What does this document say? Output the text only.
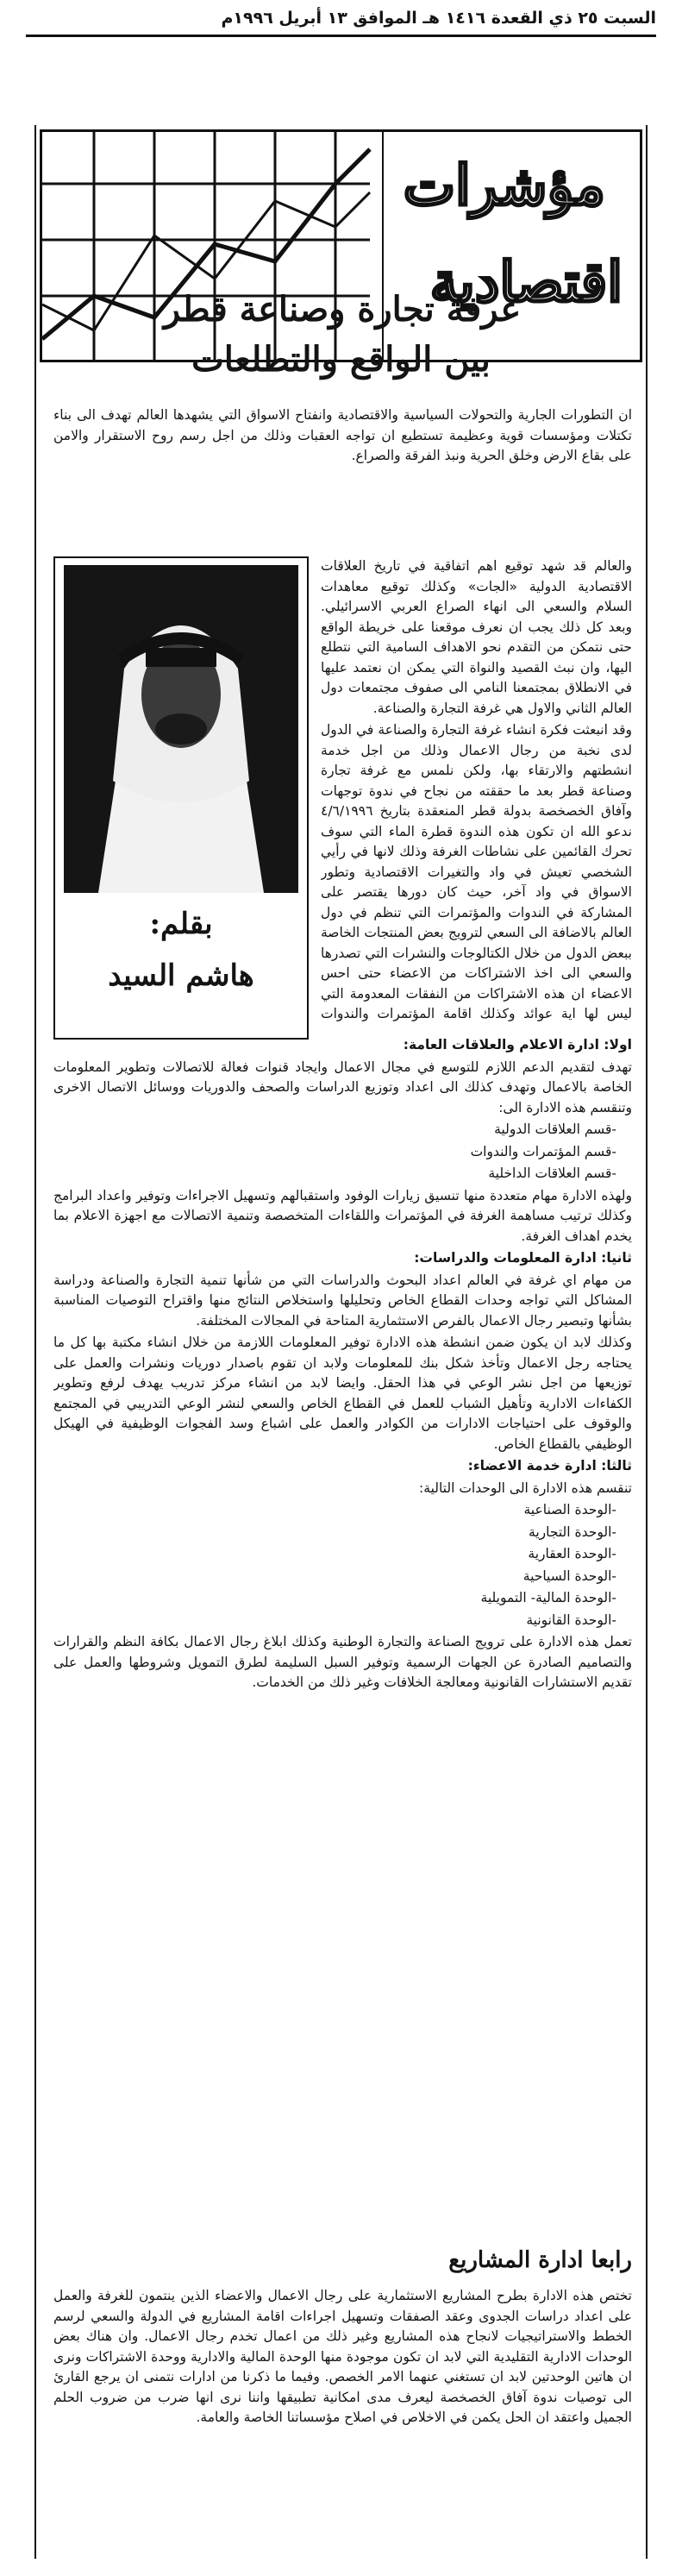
السبت ٢٥ ذي القعدة ١٤١٦ هـ الموافق ١٣ أبريل ١٩٩٦م
مؤشرات
اقتصادية
غرفة تجارة وصناعة قطر
بين الواقع والتطلعات

ان التطورات الجارية والتحولات السياسية والاقتصادية وانفتاح الاسواق التي يشهدها العالم تهدف الى بناء تكتلات ومؤسسات قوية وعظيمة تستطيع ان تواجه العقبات وذلك من اجل رسم روح الاستقرار والامن على بقاع الارض وخلق الحرية ونبذ الفرقة والصراع.

والعالم قد شهد توقيع اهم اتفاقية في تاريخ العلاقات الاقتصادية الدولية «الجات» وكذلك توقيع معاهدات السلام والسعي الى انهاء الصراع العربي الاسرائيلي. وبعد كل ذلك يجب ان نعرف موقعنا على خريطة الواقع حتى نتمكن من التقدم نحو الاهداف السامية التي نتطلع اليها، وان نبث القصيد والنواة التي يمكن ان نعتمد عليها في الانطلاق بمجتمعنا النامي الى صفوف مجتمعات دول العالم الثاني والاول هي غرفة التجارة والصناعة.

وقد انبعثت فكرة انشاء غرفة التجارة والصناعة في الدول لدى نخبة من رجال الاعمال وذلك من اجل خدمة انشطتهم والارتقاء بها، ولكن نلمس مع غرفة تجارة وصناعة قطر بعد ما حققته من نجاح في ندوة توجهات وآفاق الخصخصة بدولة قطر المنعقدة بتاريخ ٤/٦/١٩٩٦ ندعو الله ان تكون هذه الندوة قطرة الماء التي سوف تحرك القائمين على نشاطات الغرفة وذلك لانها في رأيي الشخصي تعيش في واد والتغيرات الاقتصادية وتطور الاسواق في واد آخر، حيث كان دورها يقتصر على المشاركة في الندوات والمؤتمرات التي تنظم في دول العالم بالاضافة الى السعي لترويج بعض المنتجات الخاصة ببعض الدول من خلال الكتالوجات والنشرات التي تصدرها والسعي الى اخذ الاشتراكات من الاعضاء حتى احس الاعضاء ان هذه الاشتراكات من النفقات المعدومة التي ليس لها اية عوائد وكذلك اقامة المؤتمرات والندوات

بقلم:
هاشم السيد

اولا: ادارة الاعلام والعلاقات العامة:

تهدف لتقديم الدعم اللازم للتوسع في مجال الاعمال وايجاد قنوات فعالة للاتصالات وتطوير المعلومات الخاصة بالاعمال وتهدف كذلك الى اعداد وتوزيع الدراسات والصحف والدوريات ووسائل الاتصال الاخرى وتنقسم هذه الادارة الى:

-قسم العلاقات الدولية

-قسم المؤتمرات والندوات

-قسم العلاقات الداخلية

ولهذه الادارة مهام متعددة منها تنسيق زيارات الوفود واستقبالهم وتسهيل الاجراءات وتوفير واعداد البرامج وكذلك ترتيب مساهمة الغرفة في المؤتمرات واللقاءات المتخصصة وتنمية الاتصالات مع اجهزة الاعلام بما يخدم اهداف الغرفة.

ثانيا: ادارة المعلومات والدراسات:

من مهام اي غرفة في العالم اعداد البحوث والدراسات التي من شأنها تنمية التجارة والصناعة ودراسة المشاكل التي تواجه وحدات القطاع الخاص وتحليلها واستخلاص النتائج منها واقتراح التوصيات المناسبة بشأنها وتبصير رجال الاعمال بالفرص الاستثمارية المتاحة في المجالات المختلفة.

وكذلك لابد ان يكون ضمن انشطة هذه الادارة توفير المعلومات اللازمة من خلال انشاء مكتبة بها كل ما يحتاجه رجل الاعمال وتأخذ شكل بنك للمعلومات ولابد ان تقوم باصدار دوريات ونشرات والعمل على توزيعها من اجل نشر الوعي في هذا الحقل. وايضا لابد من انشاء مركز تدريب يهدف لرفع وتطوير الكفاءات الادارية وتأهيل الشباب للعمل في القطاع الخاص والسعي لنشر الوعي التدريبي في المجتمع والوقوف على احتياجات الادارات من الكوادر والعمل على اشباع وسد الفجوات الوظيفية في الهيكل الوظيفي بالقطاع الخاص.

ثالثا: ادارة خدمة الاعضاء:

تنقسم هذه الادارة الى الوحدات التالية:

-الوحدة الصناعية

-الوحدة التجارية

-الوحدة العقارية

-الوحدة السياحية

-الوحدة المالية- التمويلية

-الوحدة القانونية

تعمل هذه الادارة على ترويج الصناعة والتجارة الوطنية وكذلك ابلاغ رجال الاعمال بكافة النظم والقرارات والتصاميم الصادرة عن الجهات الرسمية وتوفير السبل السليمة لطرق التمويل وشروطها والعمل على تقديم الاستشارات القانونية ومعالجة الخلافات وغير ذلك من الخدمات.

رابعا ادارة المشاريع

تختص هذه الادارة بطرح المشاريع الاستثمارية على رجال الاعمال والاعضاء الذين ينتمون للغرفة والعمل على اعداد دراسات الجدوى وعقد الصفقات وتسهيل اجراءات اقامة المشاريع في الدولة والسعي لرسم الخطط والاستراتيجيات لانجاح هذه المشاريع وغير ذلك من اعمال تخدم رجال الاعمال. وان هناك بعض الوحدات الادارية التقليدية التي لابد ان تكون موجودة منها الوحدة المالية والادارية ووحدة الاشتراكات ونرى ان هاتين الوحدتين لابد ان تستغني عنهما الامر الخصص. وفيما ما ذكرنا من ادارات نتمنى ان يرجع القارئ الى توصيات ندوة آفاق الخصخصة ليعرف مدى امكانية تطبيقها واننا نرى انها ضرب من ضروب الحلم الجميل واعتقد ان الحل يكمن في الاخلاص في اصلاح مؤسساتنا الخاصة والعامة.
